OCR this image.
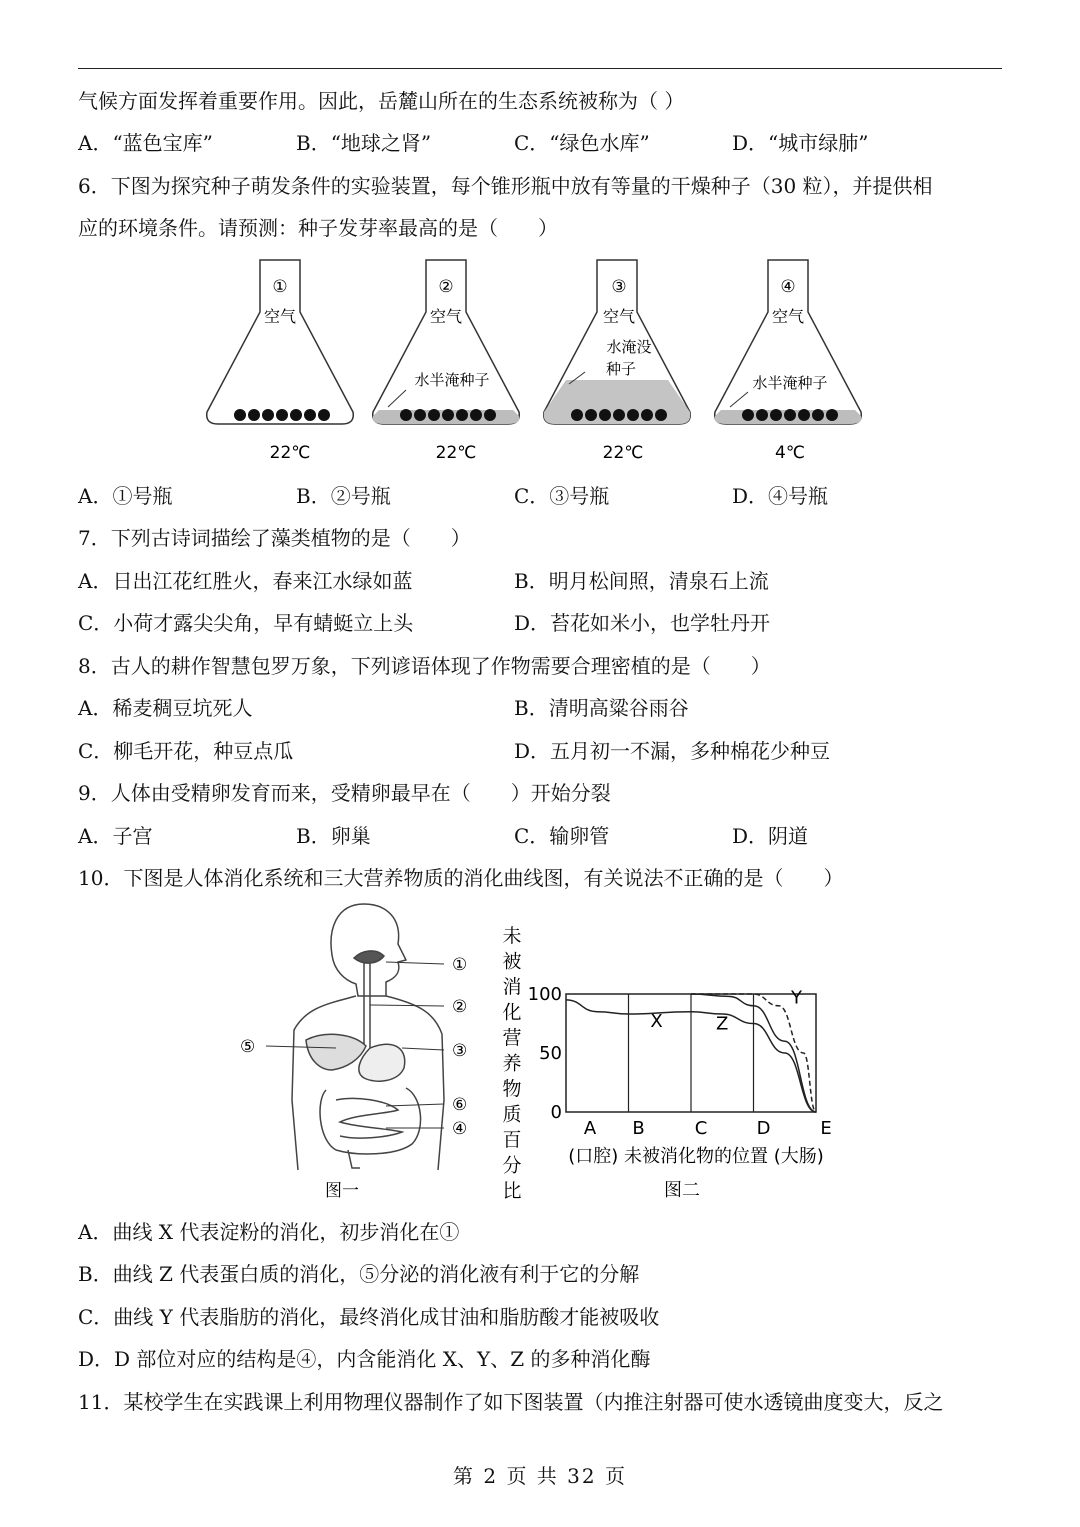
气候方面发挥着重要作用。因此，岳麓山所在的生态系统被称为（ ）
A．“蓝色宝库”	B．“地球之肾”	C．“绿色水库”	D．“城市绿肺”
6．下图为探究种子萌发条件的实验装置，每个锥形瓶中放有等量的干燥种子（30 粒），并提供相
应的环境条件。请预测：种子发芽率最高的是（　　）
①
空气
22℃
②
空气
水半淹种子
22℃
③
空气
水淹没
种子
22℃
④
空气
水半淹种子
4℃
A．①号瓶	B．②号瓶	C．③号瓶	D．④号瓶
7．下列古诗词描绘了藻类植物的是（　　）
A．日出江花红胜火，春来江水绿如蓝	B．明月松间照，清泉石上流
C．小荷才露尖尖角，早有蜻蜓立上头	D．苔花如米小，也学牡丹开
8．古人的耕作智慧包罗万象，下列谚语体现了作物需要合理密植的是（　　）
A．稀麦稠豆坑死人	B．清明高粱谷雨谷
C．柳毛开花，种豆点瓜	D．五月初一不漏，多种棉花少种豆
9．人体由受精卵发育而来，受精卵最早在（　　）开始分裂
A．子宫	B．卵巢	C．输卵管	D．阴道
10．下图是人体消化系统和三大营养物质的消化曲线图，有关说法不正确的是（　　）
①
②
③
④
⑤
⑥
图一
未
被
消
化
营
养
物
质
百
分
比
100
50
0
A B	C	D	E
X
Y
Z
(口腔) 未被消化物的位置 (大肠)
图二
A．曲线 X 代表淀粉的消化，初步消化在①
B．曲线 Z 代表蛋白质的消化，⑤分泌的消化液有利于它的分解
C．曲线 Y 代表脂肪的消化，最终消化成甘油和脂肪酸才能被吸收
D．D 部位对应的结构是④，内含能消化 X、Y、Z 的多种消化酶
11．某校学生在实践课上利用物理仪器制作了如下图装置（内推注射器可使水透镜曲度变大，反之
第 2 页 共 32 页
